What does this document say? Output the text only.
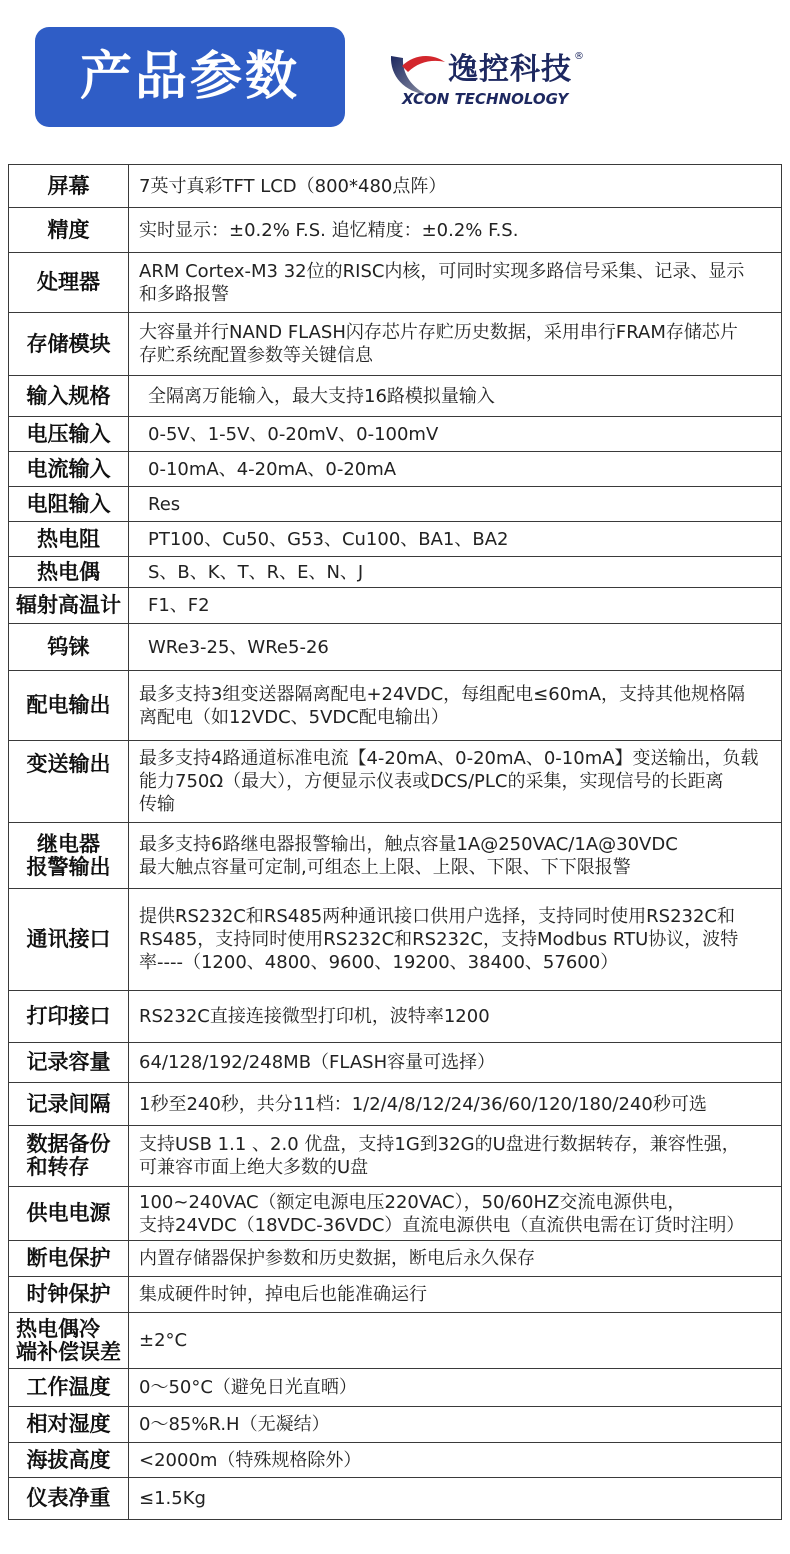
产品参数	逸控科技 ®
XCON TECHNOLOGY
屏幕	7英寸真彩TFT LCD（800*480点阵）

精度	实时显示：±0.2% F.S. 追忆精度：±0.2% F.S.

处理器	ARM Cortex-M3 32位的RISC内核，可同时实现多路信号采集、记录、显示
和多路报警

存储模块	大容量并行NAND FLASH闪存芯片存贮历史数据，采用串行FRAM存储芯片
存贮系统配置参数等关键信息

输入规格	全隔离万能输入，最大支持16路模拟量输入

电压输入	0-5V、1-5V、0-20mV、0-100mV

电流输入	0-10mA、4-20mA、0-20mA

电阻输入	Res

热电阻	PT100、Cu50、G53、Cu100、BA1、BA2

热电偶	S、B、K、T、R、E、N、J

辐射高温计	F1、F2

钨铼	WRe3-25、WRe5-26

配电输出	最多支持3组变送器隔离配电+24VDC，每组配电≤60mA，支持其他规格隔
离配电（如12VDC、5VDC配电输出）

变送输出	最多支持4路通道标准电流【4-20mA、0-20mA、0-10mA】变送输出，负载
能力750Ω（最大），方便显示仪表或DCS/PLC的采集，实现信号的长距离
传输

继电器
报警输出	最多支持6路继电器报警输出，触点容量1A@250VAC/1A@30VDC
最大触点容量可定制,可组态上上限、上限、下限、下下限报警

通讯接口	提供RS232C和RS485两种通讯接口供用户选择，支持同时使用RS232C和
RS485，支持同时使用RS232C和RS232C，支持Modbus RTU协议，波特
率----（1200、4800、9600、19200、38400、57600）

打印接口	RS232C直接连接微型打印机，波特率1200

记录容量	64/128/192/248MB（FLASH容量可选择）

记录间隔	1秒至240秒，共分11档：1/2/4/8/12/24/36/60/120/180/240秒可选

数据备份
和转存	支持USB 1.1 、2.0 优盘，支持1G到32G的U盘进行数据转存，兼容性强，
可兼容市面上绝大多数的U盘

供电电源	100~240VAC（额定电源电压220VAC），50/60HZ交流电源供电，
支持24VDC（18VDC-36VDC）直流电源供电（直流供电需在订货时注明）

断电保护	内置存储器保护参数和历史数据，断电后永久保存

时钟保护	集成硬件时钟，掉电后也能准确运行

热电偶冷
端补偿误差	±2°C

工作温度	0～50°C（避免日光直晒）

相对湿度	0～85%R.H（无凝结）

海拔高度	<2000m（特殊规格除外）

仪表净重	≤1.5Kg
